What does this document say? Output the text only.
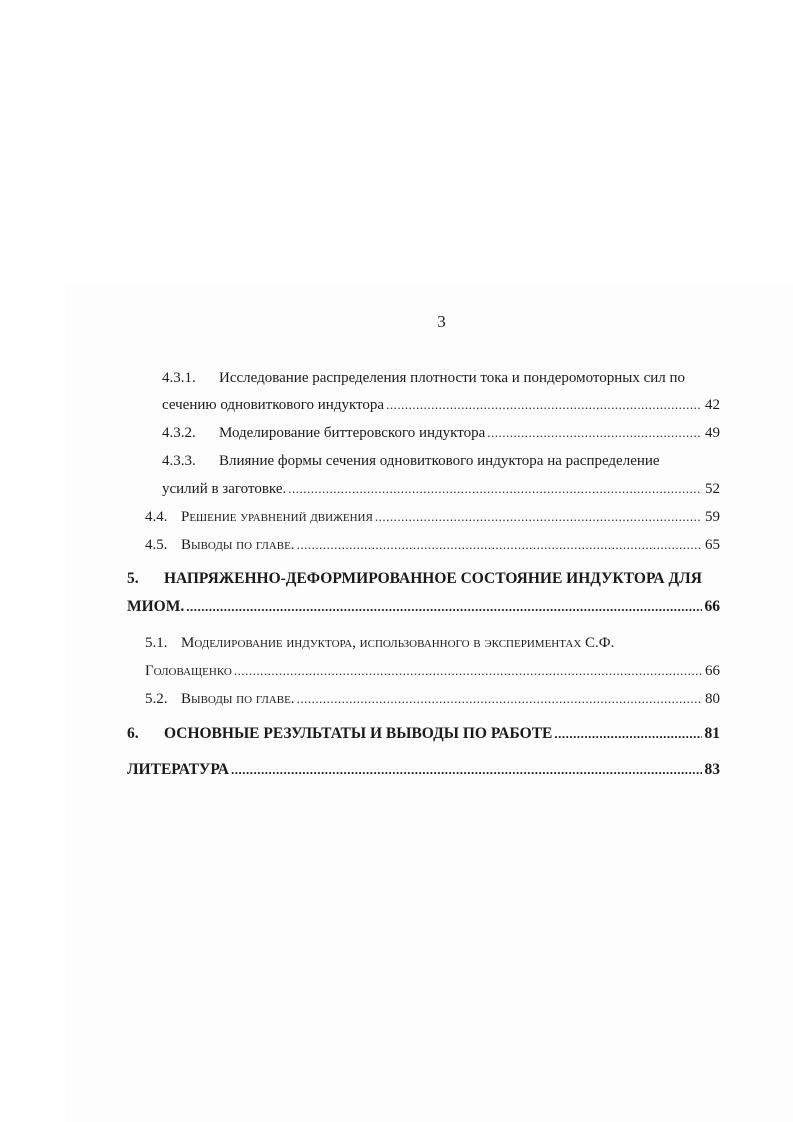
3
4.3.1. Исследование распределения плотности тока и пондеромоторных сил по
сечению одновиткового индуктора .....	42
4.3.2.	Моделирование биттеровского индуктора .....	49
4.3.3. Влияние формы сечения одновиткового индуктора на распределение
усилий в заготовке. .....	52
4.4. Решение уравнений движения .....	59
4.5. Выводы по главе. .....	65
5. НАПРЯЖЕННО-ДЕФОРМИРОВАННОЕ СОСТОЯНИЕ ИНДУКТОРА ДЛЯ
МИОМ. .....	66
5.1. Моделирование индуктора, использованного в экспериментах С.Ф.
Головащенко .....	66
5.2. Выводы по главе. .....	80
6.	ОСНОВНЫЕ РЕЗУЛЬТАТЫ И ВЫВОДЫ ПО РАБОТЕ .....	81
ЛИТЕРАТУРА .....	83
